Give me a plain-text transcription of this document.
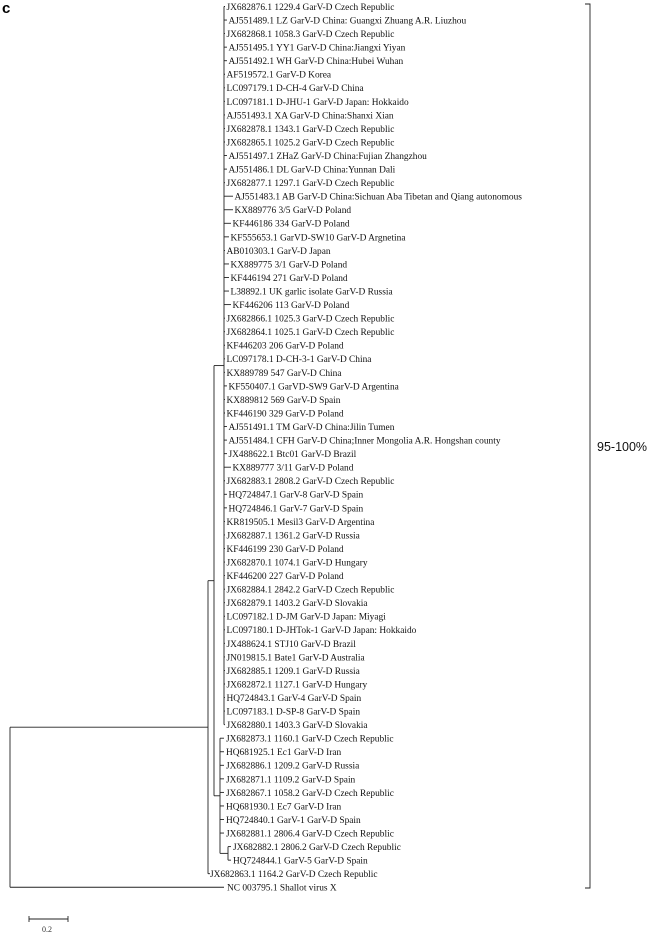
c	JX682876.1 1229.4 GarV-D Czech Republic
AJ551489.1 LZ GarV-D China: Guangxi Zhuang A.R. Liuzhou
JX682868.1 1058.3 GarV-D Czech Republic
AJ551495.1 YY1 GarV-D China:Jiangxi Yiyan
AJ551492.1 WH GarV-D China:Hubei Wuhan
AF519572.1 GarV-D Korea
LC097179.1 D-CH-4 GarV-D China
LC097181.1 D-JHU-1 GarV-D Japan: Hokkaido
AJ551493.1 XA GarV-D China:Shanxi Xian
JX682878.1 1343.1 GarV-D Czech Republic
JX682865.1 1025.2 GarV-D Czech Republic
AJ551497.1 ZHaZ GarV-D China:Fujian Zhangzhou
AJ551486.1 DL GarV-D China:Yunnan Dali
JX682877.1 1297.1 GarV-D Czech Republic
AJ551483.1 AB GarV-D China:Sichuan Aba Tibetan and Qiang autonomous
KX889776 3/5 GarV-D Poland
KF446186 334 GarV-D Poland
KF555653.1 GarVD-SW10 GarV-D Argnetina
AB010303.1 GarV-D Japan
KX889775 3/1 GarV-D Poland
KF446194 271 GarV-D Poland
L38892.1 UK garlic isolate GarV-D Russia
KF446206 113 GarV-D Poland
JX682866.1 1025.3 GarV-D Czech Republic
JX682864.1 1025.1 GarV-D Czech Republic
KF446203 206 GarV-D Poland
LC097178.1 D-CH-3-1 GarV-D China
KX889789 547 GarV-D China
KF550407.1 GarVD-SW9 GarV-D Argentina
KX889812 569 GarV-D Spain
KF446190 329 GarV-D Poland
AJ551491.1 TM GarV-D China:Jilin Tumen
AJ551484.1 CFH GarV-D China;Inner Mongolia A.R. Hongshan county
JX488622.1 Btc01 GarV-D Brazil
KX889777 3/11 GarV-D Poland
JX682883.1 2808.2 GarV-D Czech Republic
HQ724847.1 GarV-8 GarV-D Spain
HQ724846.1 GarV-7 GarV-D Spain
KR819505.1 Mesil3 GarV-D Argentina
JX682887.1 1361.2 GarV-D Russia
KF446199 230 GarV-D Poland
JX682870.1 1074.1 GarV-D Hungary
KF446200 227 GarV-D Poland
JX682884.1 2842.2 GarV-D Czech Republic
JX682879.1 1403.2 GarV-D Slovakia
LC097182.1 D-JM GarV-D Japan: Miyagi
LC097180.1 D-JHTok-1 GarV-D Japan: Hokkaido
JX488624.1 STJ10 GarV-D Brazil
JN019815.1 Bate1 GarV-D Australia
JX682885.1 1209.1 GarV-D Russia
JX682872.1 1127.1 GarV-D Hungary
HQ724843.1 GarV-4 GarV-D Spain
LC097183.1 D-SP-8 GarV-D Spain
JX682880.1 1403.3 GarV-D Slovakia
JX682873.1 1160.1 GarV-D Czech Republic
HQ681925.1 Ec1 GarV-D Iran
JX682886.1 1209.2 GarV-D Russia
JX682871.1 1109.2 GarV-D Spain
JX682867.1 1058.2 GarV-D Czech Republic
HQ681930.1 Ec7 GarV-D Iran
HQ724840.1 GarV-1 GarV-D Spain
JX682881.1 2806.4 GarV-D Czech Republic
JX682882.1 2806.2 GarV-D Czech Republic
HQ724844.1 GarV-5 GarV-D Spain
JX682863.1 1164.2 GarV-D Czech Republic
NC 003795.1 Shallot virus X
95-100%
0.2
